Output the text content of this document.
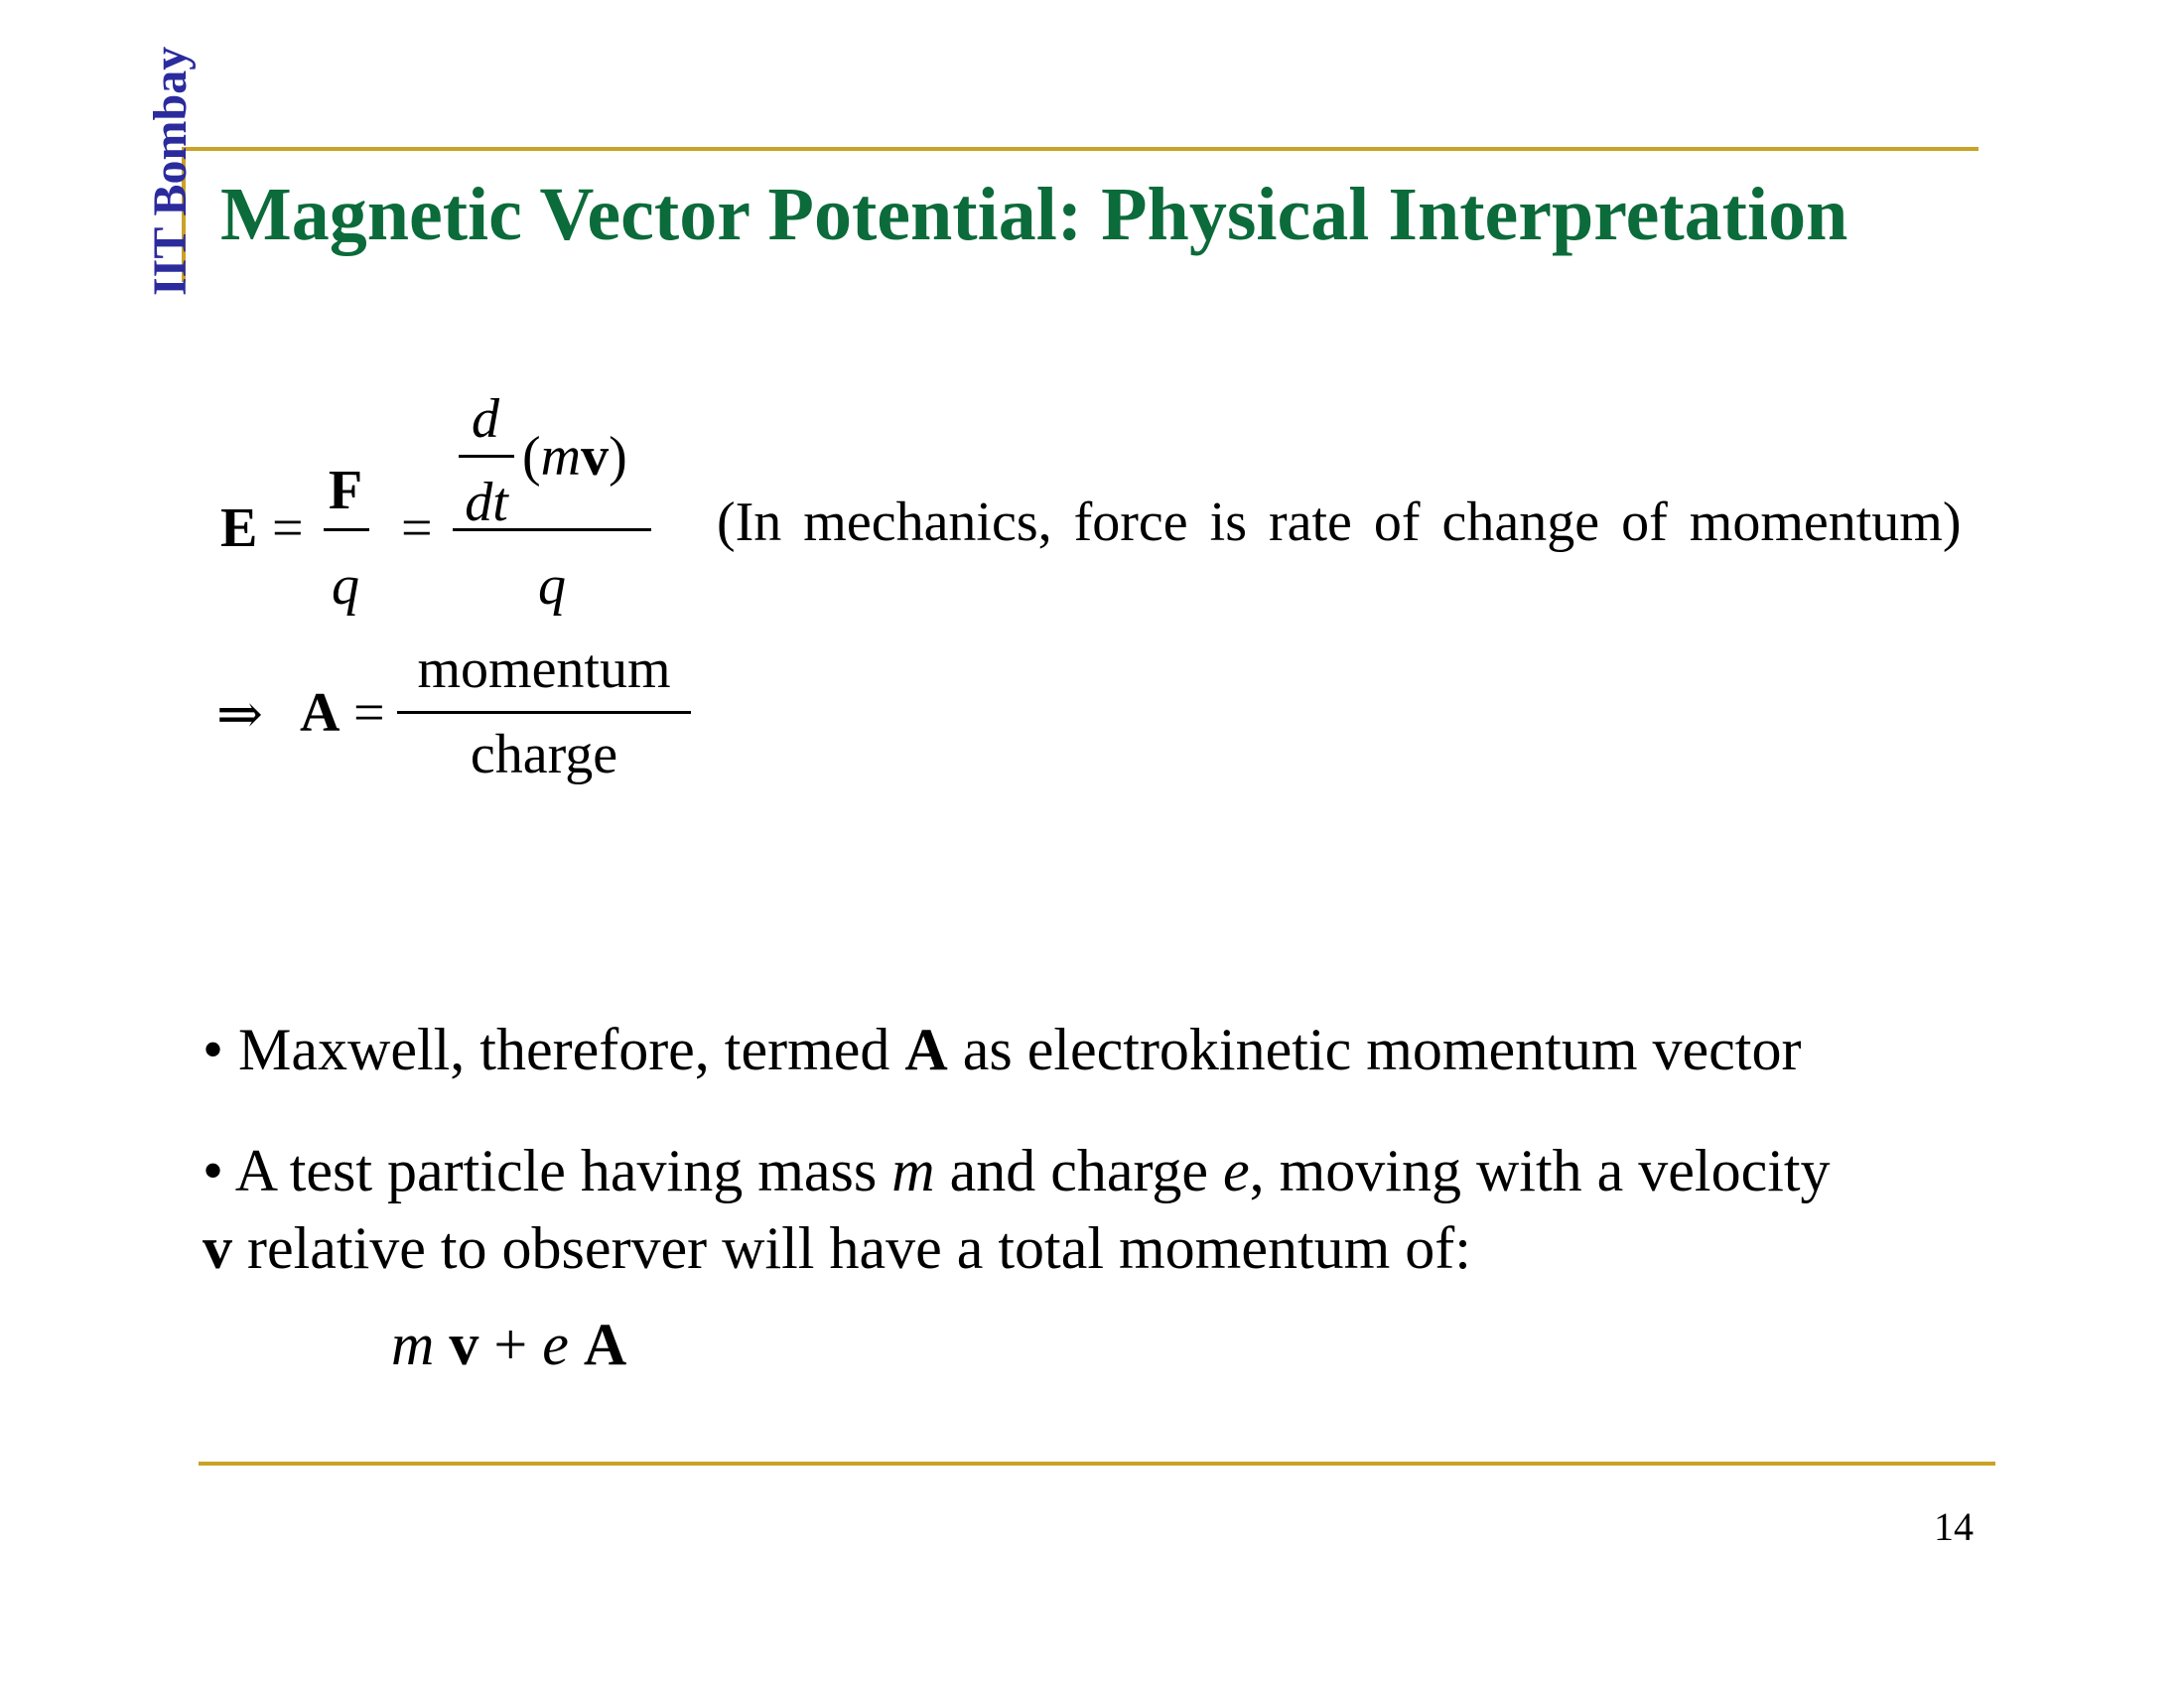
IIT Bombay Magnetic Vector Potential: Physical Interpretation
E =
F
q
=
d
dt
(mv)
q
(In mechanics, force is rate of change of momentum)
⇒ A =
momentum
charge
• Maxwell, therefore, termed A as electrokinetic momentum vector
• A test particle having mass m and charge e, moving with a velocity
v relative to observer will have a total momentum of:
m v + e A
14
